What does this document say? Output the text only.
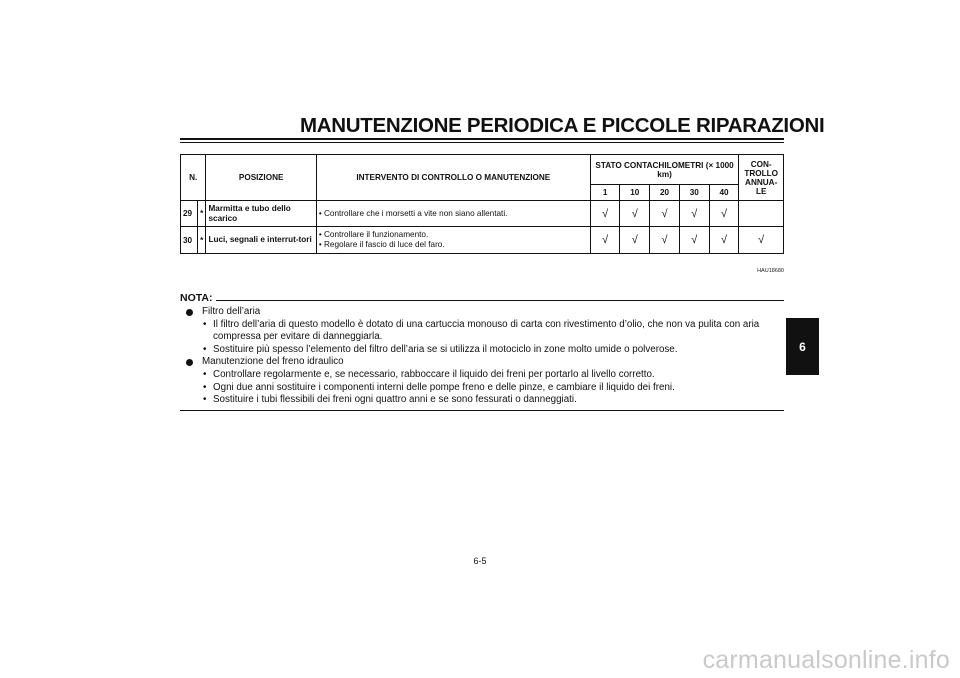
MANUTENZIONE PERIODICA E PICCOLE RIPARAZIONI
6
N.		POSIZIONE	INTERVENTO DI CONTROLLO O MANUTENZIONE	STATO CONTACHILOMETRI (× 1000 km)					CON-TROLLO ANNUA-LE
				1	10	20	30	40	
29	*	Marmitta e tubo dello scarico	• Controllare che i morsetti a vite non siano allentati.	√	√	√	√	√	
30	*	Luci, segnali e interrut-tori	• Controllare il funzionamento.
• Regolare il fascio di luce del faro.	√	√	√	√	√	√
HAU18680
NOTA:
Filtro dell’aria
• Il filtro dell’aria di questo modello è dotato di una cartuccia monouso di carta con rivestimento d’olio, che non va pulita con aria compressa per evitare di danneggiarla.
• Sostituire più spesso l’elemento del filtro dell’aria se si utilizza il motociclo in zone molto umide o polverose.
Manutenzione del freno idraulico
• Controllare regolarmente e, se necessario, rabboccare il liquido dei freni per portarlo al livello corretto.
• Ogni due anni sostituire i componenti interni delle pompe freno e delle pinze, e cambiare il liquido dei freni.
• Sostituire i tubi flessibili dei freni ogni quattro anni e se sono fessurati o danneggiati.
6-5
carmanualsonline.info
